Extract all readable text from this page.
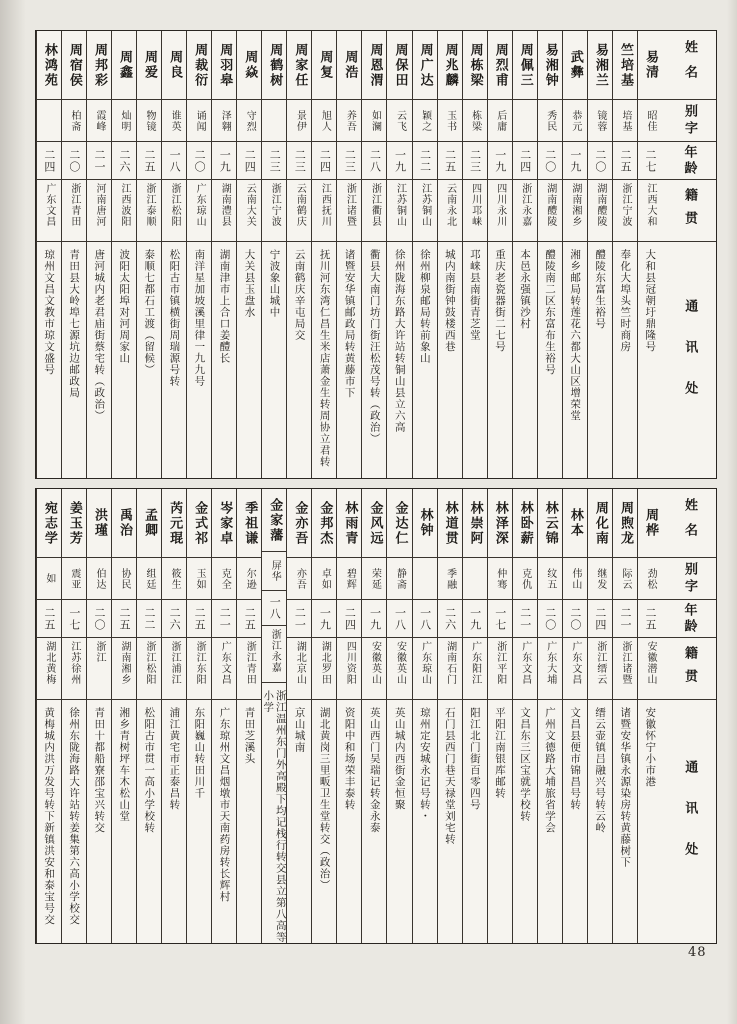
姓名
别字
年龄
籍贯
通讯处
易清
昭佳
二七
江西大和
大和县冠朝圩鼎隆号
竺培基
培基
二五
浙江宁波
奉化大埠头竺时商房
易湘兰
镜蓉
二〇
湖南醴陵
醴陵东富生裕号
武彝
恭元
一九
湖南湘乡
湘乡邮局转莲花六都大山区增荣堂
易湘钟
秀民
二〇
湖南醴陵
醴陵南二区东富布生裕号
周佩三
二四
浙江永嘉
本邑永强镇沙村
周烈甫
后庸
一九
四川永川
重庆老瓷器街二七号
周栋梁
栋梁
二三
四川邛崃
邛崃县南街青芝堂
周兆麟
玉书
二五
云南永北
城内南街钟鼓楼西巷
周广达
颖之
二二
江苏铜山
徐州柳泉邮局转前象山
周保田
云飞
一九
江苏铜山
徐州陇海东路大许站转铜山县立六高
周恩渭
如澜
二八
浙江衢县
衢县大南门坊门街汪松茂号转（政治）
周浩
养吾
二三
浙江诸暨
诸暨安华镇邮政局转黄藤市下
周复
旭人
二四
江西抚川
抚川河东湾仁昌生米店萧金生转周协立君转
周家任
景伊
二三
云南鹤庆
云南鹤庆辛屯局交
周鹤树
二三
浙江宁波
宁波象山城中
周焱
守烈
二四
云南大关
大关县玉盘水
周羽皋
泽翱
一九
湖南澧县
湖南津市上合口姜醴长
周裁衍
诵闻
二〇
广东琼山
南洋星加坡溪里律一九九号
周良
谁英
一八
浙江松阳
松阳古市镇横街周瑞源号转
周爱
物镜
二五
浙江泰顺
泰顺七都石工渡（留候）
周鑫
灿明
二六
江西波阳
波阳太阳埠对河周家山
周邦彩
霞峰
二一
河南唐河
唐河城内老君庙街蔡宅转（政治）
周宿侯
柏斋
二〇
浙江青田
青田县大岭埠七源坑边邮政局
林鸿苑
二四
广东文昌
琼州文昌文教市琼文盛号
姓名
别字
年龄
籍贯
通讯处
周桦
劲松
二五
安徽潜山
安徽怀宁小市港
周煦龙
际云
二一
浙江诸暨
诸暨安华镇永源染房转黄藤树下
周化南
继发
二四
浙江缙云
缙云壶镇吕融兴号转云岭
林本
伟山
二〇
广东文昌
文昌县便市锦昌号转
林云锦
纹五
二〇
广东大埔
广州文德路大埔旅省学会
林卧薪
克仇
二一
广东文昌
文昌东三区宝就学校转
林泽深
仲骞
一七
浙江平阳
平阳江南银库邮转
林崇阿
一九
广东阳江
阳江北门街百零四号
林道贯
季融
二六
湖南石门
石门县西门巷天禄堂刘宅转
林钟
一八
广东琼山
琼州定安城永记号转・
金达仁
静斋
一八
安徽英山
英山城内西街金恒聚
金风远
荣延
一九
安徽英山
英山西门吴瑞记转金永泰
林雨青
碧辉
二四
四川资阳
资阳中和场荣丰泰转
金邦杰
卓如
一九
湖北罗田
湖北黄岗三里畈卫生堂转交（政治）
金亦吾
亦吾
二一
湖北京山
京山城南
金家藩
屏华
一八
浙江永嘉
浙江温州东门外高殿下均记栈行转交县立第八高等小学
季祖谦
尔逊
二五
浙江青田
青田芝溪头
岑家卓
克全
二一
广东文昌
广东琼州文昌烟墩市天南药房转长辉村
金式祁
玉如
二五
浙江东阳
东阳巍山转田川千
芮元琨
筱生
二六
浙江浦江
浦江黄宅市正泰昌转
孟卿
组廷
二二
浙江松阳
松阳古市贯一高小学校转
禹治
协民
二五
湖南湘乡
湘乡青树坪车木松山堂
洪瑾
伯达
二〇
浙江
青田十都船寮邵宝兴转交
姜玉芳
震亚
一七
江苏徐州
徐州东陇海路大许站转姜集第六高小学校交
宛志学
如
二五
湖北黄梅
黄梅城内洪万发号转下新镇洪安和泰宝号交
48
